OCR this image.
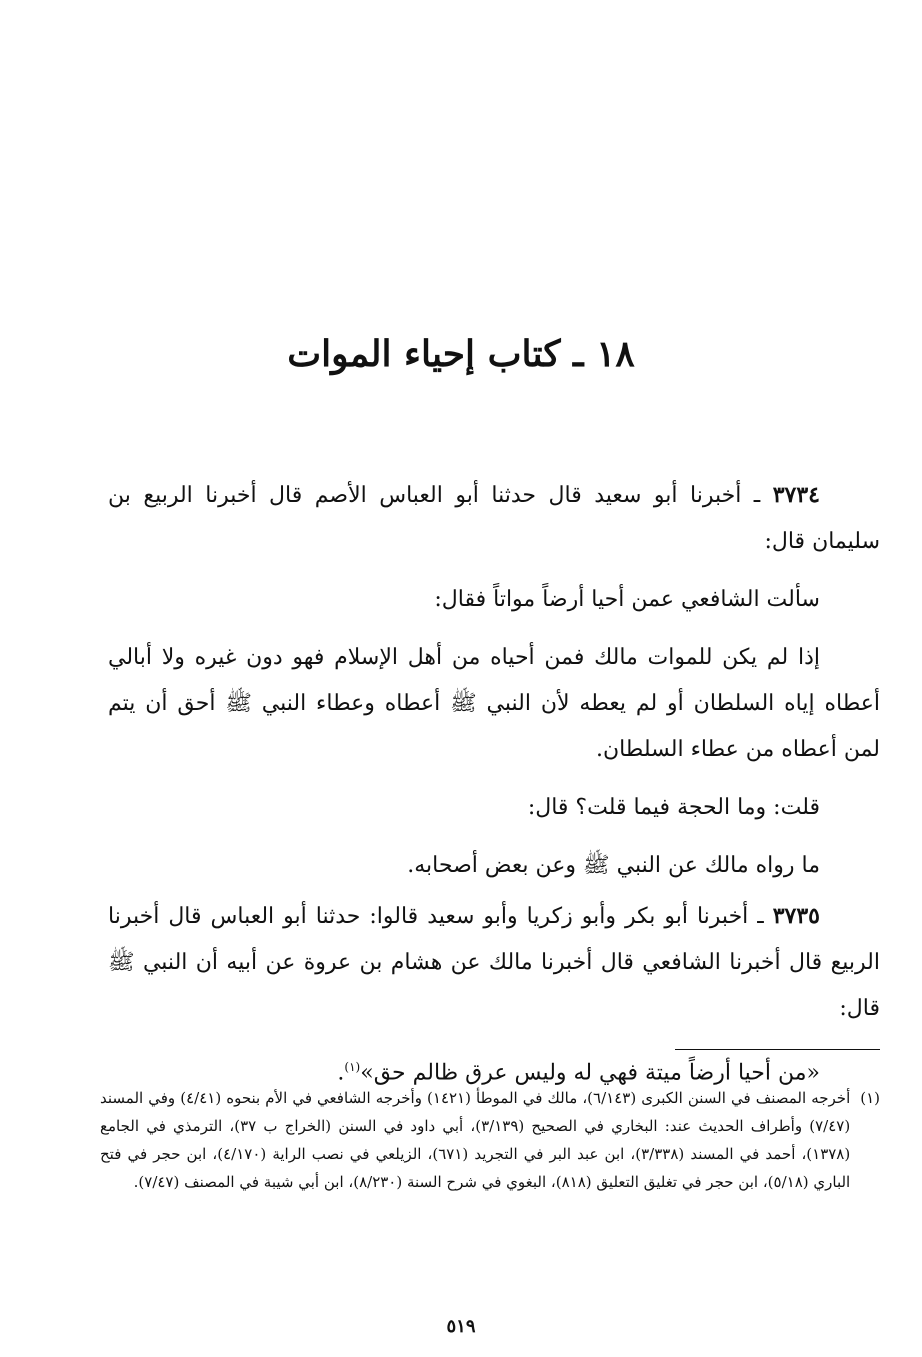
١٨ ـ كتاب إحياء الموات

٣٧٣٤ ـ أخبرنا أبو سعيد قال حدثنا أبو العباس الأصم قال أخبرنا الربيع بن سليمان قال:

سألت الشافعي عمن أحيا أرضاً مواتاً فقال:

إذا لم يكن للموات مالك فمن أحياه من أهل الإسلام فهو دون غيره ولا أبالي أعطاه إياه السلطان أو لم يعطه لأن النبي ﷺ أعطاه وعطاء النبي ﷺ أحق أن يتم لمن أعطاه من عطاء السلطان.

قلت: وما الحجة فيما قلت؟ قال:

ما رواه مالك عن النبي ﷺ وعن بعض أصحابه.

٣٧٣٥ ـ أخبرنا أبو بكر وأبو زكريا وأبو سعيد قالوا: حدثنا أبو العباس قال أخبرنا الربيع قال أخبرنا الشافعي قال أخبرنا مالك عن هشام بن عروة عن أبيه أن النبي ﷺ قال:

«من أحيا أرضاً ميتة فهي له وليس عرق ظالم حق»$^{(١)}$.

(١)
أخرجه المصنف في السنن الكبرى (٦/١٤٣)، مالك في الموطأ (١٤٢١) وأخرجه الشافعي في الأم بنحوه (٤/٤١) وفي المسند (٧/٤٧) وأطراف الحديث عند: البخاري في الصحيح (٣/١٣٩)، أبي داود في السنن (الخراج ب ٣٧)، الترمذي في الجامع (١٣٧٨)، أحمد في المسند (٣/٣٣٨)، ابن عبد البر في التجريد (٦٧١)، الزيلعي في نصب الراية (٤/١٧٠)، ابن حجر في فتح الباري (٥/١٨)، ابن حجر في تغليق التعليق (٨١٨)، البغوي في شرح السنة (٨/٢٣٠)، ابن أبي شيبة في المصنف (٧/٤٧).
٥١٩
